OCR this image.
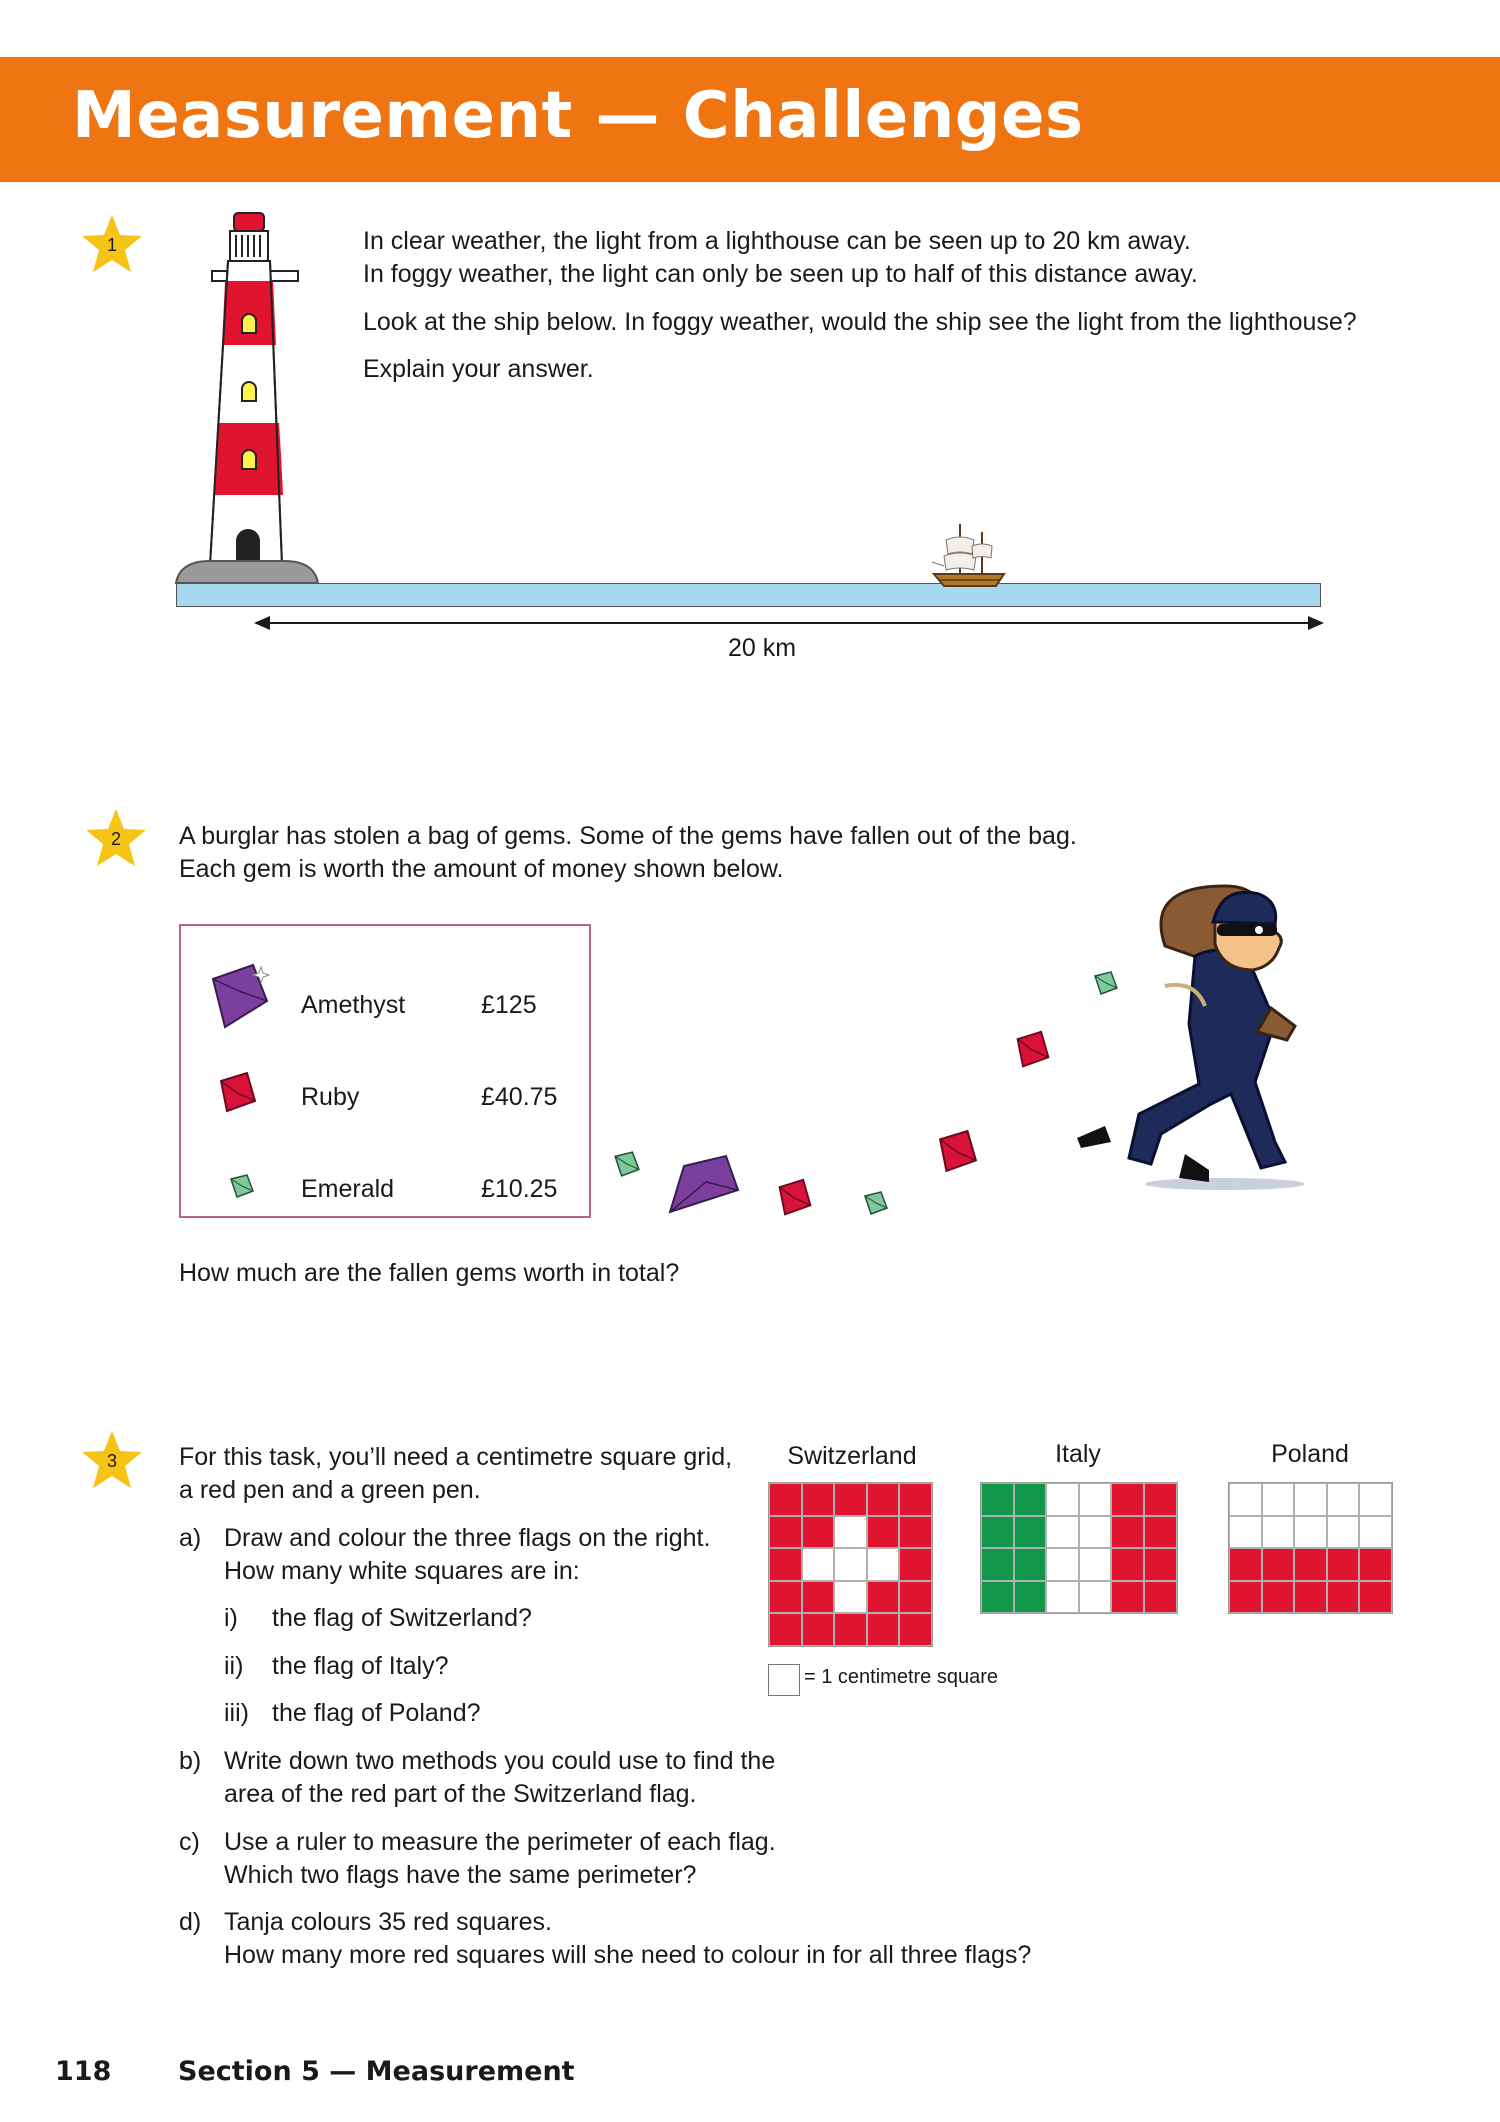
Measurement — Challenges
1	In clear weather, the light from a lighthouse can be seen up to 20 km away.
In foggy weather, the light can only be seen up to half of this distance away.
Look at the ship below. In foggy weather, would the ship see the light from the lighthouse?
Explain your answer.
20 km
2	A burglar has stolen a bag of gems. Some of the gems have fallen out of the bag.
Each gem is worth the amount of money shown below.
Amethyst	£125
Ruby	£40.75
Emerald	£10.25
How much are the fallen gems worth in total?
3	For this task, you’ll need a centimetre square grid,
a red pen and a green pen.
a) Draw and colour the three flags on the right.
How many white squares are in:
i) the flag of Switzerland?
ii) the flag of Italy?
iii) the flag of Poland?
b) Write down two methods you could use to find the
area of the red part of the Switzerland flag.
c) Use a ruler to measure the perimeter of each flag.
Which two flags have the same perimeter?
d) Tanja colours 35 red squares.
How many more red squares will she need to colour in for all three flags?
Switzerland	Italy	Poland
= 1 centimetre square
118 Section 5 — Measurement
